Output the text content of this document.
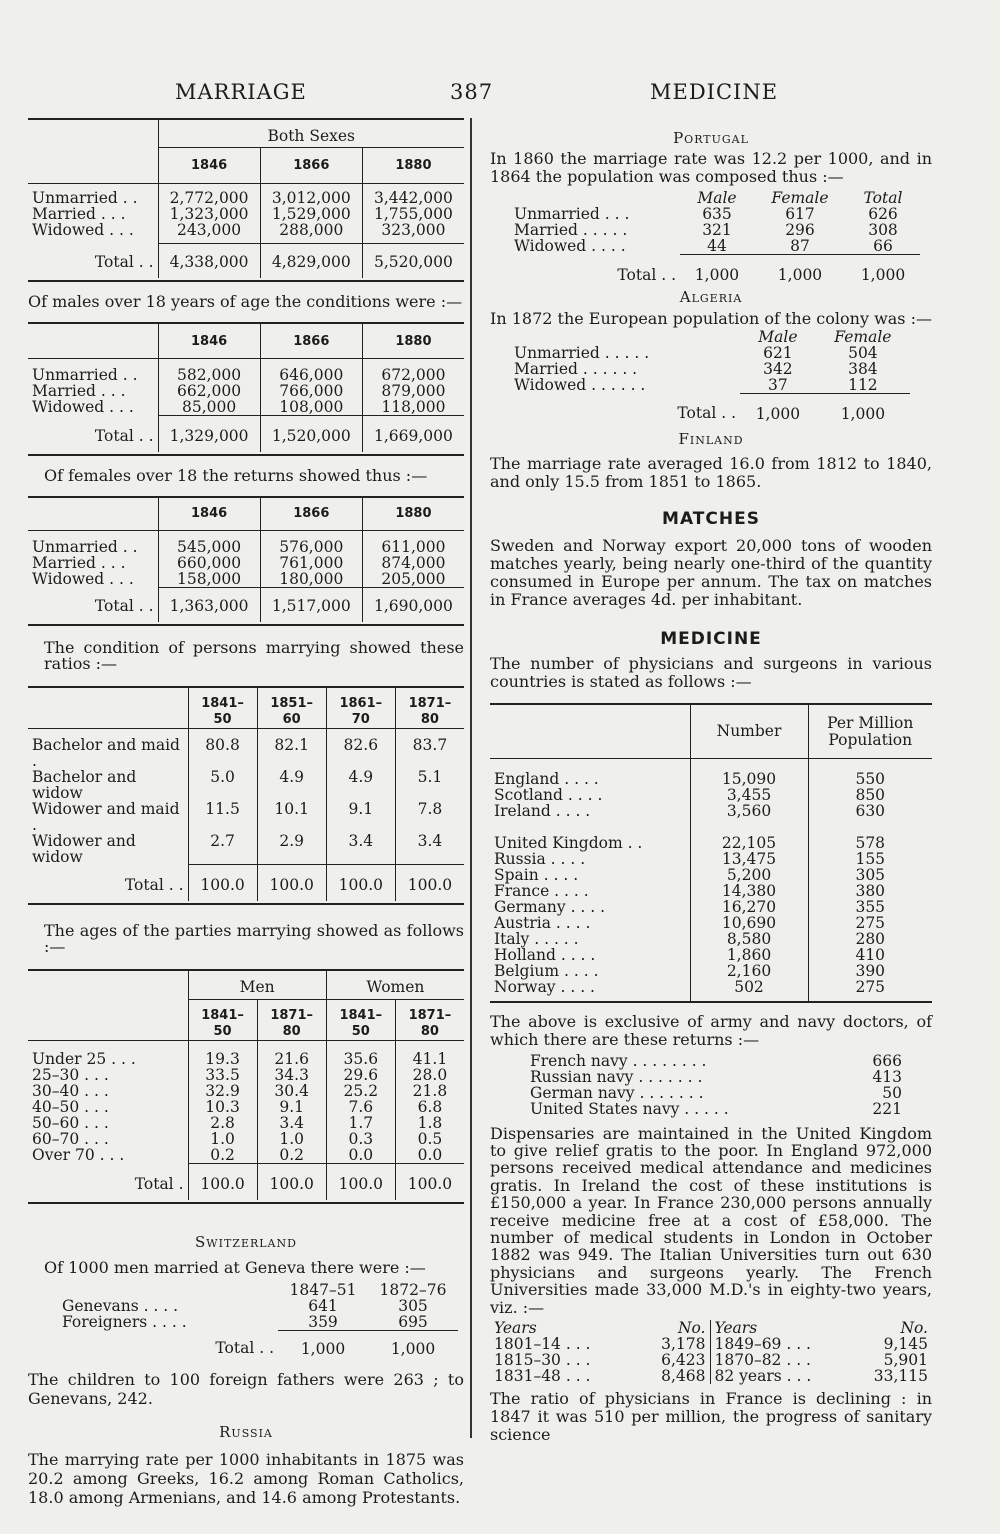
MARRIAGE	387	MEDICINE
	Both Sexes		
	1846	1866	1880
Unmarried . .	2,772,000	3,012,000	3,442,000
Married . . .	1,323,000	1,529,000	1,755,000
Widowed . . .	243,000	288,000	323,000
Total . .	4,338,000	4,829,000	5,520,000

Of males over 18 years of age the conditions were :—

	1846	1866	1880
Unmarried . .	582,000	646,000	672,000
Married . . .	662,000	766,000	879,000
Widowed . . .	85,000	108,000	118,000
Total . .	1,329,000	1,520,000	1,669,000

Of females over 18 the returns showed thus :—

	1846	1866	1880
Unmarried . .	545,000	576,000	611,000
Married . . .	660,000	761,000	874,000
Widowed . . .	158,000	180,000	205,000
Total . .	1,363,000	1,517,000	1,690,000

The condition of persons marrying showed these ratios :—

	1841–50	1851–60	1861–70	1871–80
Bachelor and maid .	80.8	82.1	82.6	83.7
Bachelor and widow	5.0	4.9	4.9	5.1
Widower and maid .	11.5	10.1	9.1	7.8
Widower and widow	2.7	2.9	3.4	3.4
Total . .	100.0	100.0	100.0	100.0

The ages of the parties marrying showed as follows :—

	Men		Women	
	1841–50	1871–80	1841–50	1871–80
Under 25 . . .	19.3	21.6	35.6	41.1
25–30 . . .	33.5	34.3	29.6	28.0
30–40 . . .	32.9	30.4	25.2	21.8
40–50 . . .	10.3	9.1	7.6	6.8
50–60 . . .	2.8	3.4	1.7	1.8
60–70 . . .	1.0	1.0	0.3	0.5
Over 70 . . .	0.2	0.2	0.0	0.0
Total .	100.0	100.0	100.0	100.0
Switzerland

Of 1000 men married at Geneva there were :—

	1847–51	1872–76
Genevans . . . .	641	305
Foreigners . . . .	359	695
Total . .	1,000	1,000

The children to 100 foreign fathers were 263 ; to Genevans, 242.

Russia

The marrying rate per 1000 inhabitants in 1875 was 20.2 among Greeks, 16.2 among Roman Catholics, 18.0 among Armenians, and 14.6 among Protestants.

Portugal

In 1860 the marriage rate was 12.2 per 1000, and in 1864 the population was composed thus :—

	Male	Female	Total
Unmarried . . .	635	617	626
Married . . . . .	321	296	308
Widowed . . . .	44	87	66
Total . .	1,000	1,000	1,000
Algeria

In 1872 the European population of the colony was :—

	Male	Female
Unmarried . . . . .	621	504
Married . . . . . .	342	384
Widowed . . . . . .	37	112
Total . .	1,000	1,000
Finland

The marriage rate averaged 16.0 from 1812 to 1840, and only 15.5 from 1851 to 1865.

MATCHES

Sweden and Norway export 20,000 tons of wooden matches yearly, being nearly one-third of the quantity consumed in Europe per annum. The tax on matches in France averages 4d. per inhabitant.

MEDICINE

The number of physicians and surgeons in various countries is stated as follows :—

	Number	Per Million Population
England . . . .	15,090	550
Scotland . . . .	3,455	850
Ireland . . . .	3,560	630
United Kingdom . .	22,105	578
Russia . . . .	13,475	155
Spain . . . .	5,200	305
France . . . .	14,380	380
Germany . . . .	16,270	355
Austria . . . .	10,690	275
Italy . . . . .	8,580	280
Holland . . . .	1,860	410
Belgium . . . .	2,160	390
Norway . . . .	502	275

The above is exclusive of army and navy doctors, of which there are these returns :—

French navy . . . . . . . .	666
Russian navy . . . . . . .	413
German navy . . . . . . .	50
United States navy . . . . .	221

Dispensaries are maintained in the United Kingdom to give relief gratis to the poor. In England 972,000 persons received medical attendance and medicines gratis. In Ireland the cost of these institutions is £150,000 a year. In France 230,000 persons annually receive medicine free at a cost of £58,000. The number of medical students in London in October 1882 was 949. The Italian Universities turn out 630 physicians and surgeons yearly. The French Universities made 33,000 M.D.'s in eighty-two years, viz. :—

Years	No.	Years	No.
1801–14 . . .	3,178	1849–69 . . .	9,145
1815–30 . . .	6,423	1870–82 . . .	5,901
1831–48 . . .	8,468	82 years . . .	33,115

The ratio of physicians in France is declining : in 1847 it was 510 per million, the progress of sanitary science
